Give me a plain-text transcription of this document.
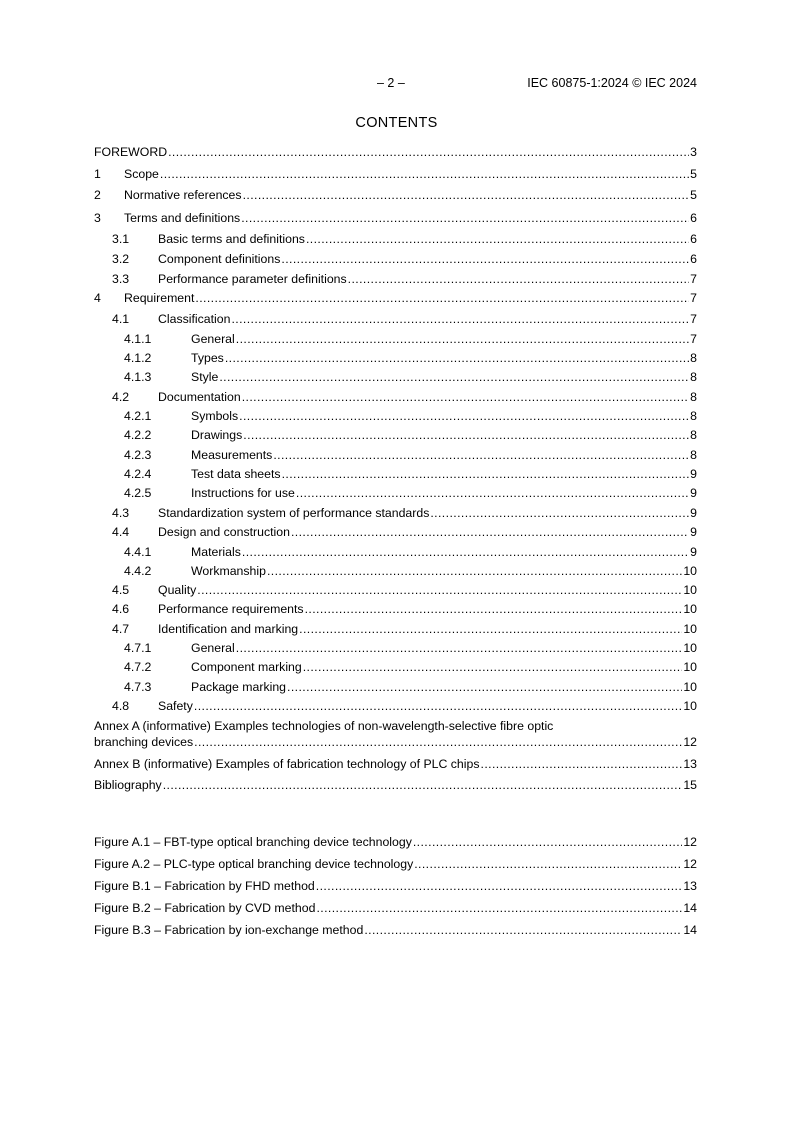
– 2 –	IEC 60875-1:2024 © IEC 2024
CONTENTS
FOREWORD .....	3
1	Scope .....	5
2	Normative references .....	5
3	Terms and definitions .....	6
3.1	Basic terms and definitions .....	6
3.2	Component definitions .....	6
3.3	Performance parameter definitions .....	7
4	Requirement .....	7
4.1	Classification .....	7
4.1.1	General .....	7
4.1.2	Types .....	8
4.1.3	Style .....	8
4.2	Documentation .....	8
4.2.1	Symbols .....	8
4.2.2	Drawings .....	8
4.2.3	Measurements .....	8
4.2.4	Test data sheets .....	9
4.2.5	Instructions for use .....	9
4.3	Standardization system of performance standards .....	9
4.4	Design and construction .....	9
4.4.1	Materials .....	9
4.4.2	Workmanship .....	10
4.5	Quality .....	10
4.6	Performance requirements .....	10
4.7	Identification and marking .....	10
4.7.1	General .....	10
4.7.2	Component marking .....	10
4.7.3	Package marking .....	10
4.8	Safety .....	10
Annex A (informative) Examples technologies of non-wavelength-selective fibre optic
branching devices .....	12
Annex B (informative) Examples of fabrication technology of PLC chips .....	13
Bibliography .....	15
Figure A.1 – FBT-type optical branching device technology .....	12
Figure A.2 – PLC-type optical branching device technology .....	12
Figure B.1 – Fabrication by FHD method .....	13
Figure B.2 – Fabrication by CVD method .....	14
Figure B.3 – Fabrication by ion-exchange method .....	14
